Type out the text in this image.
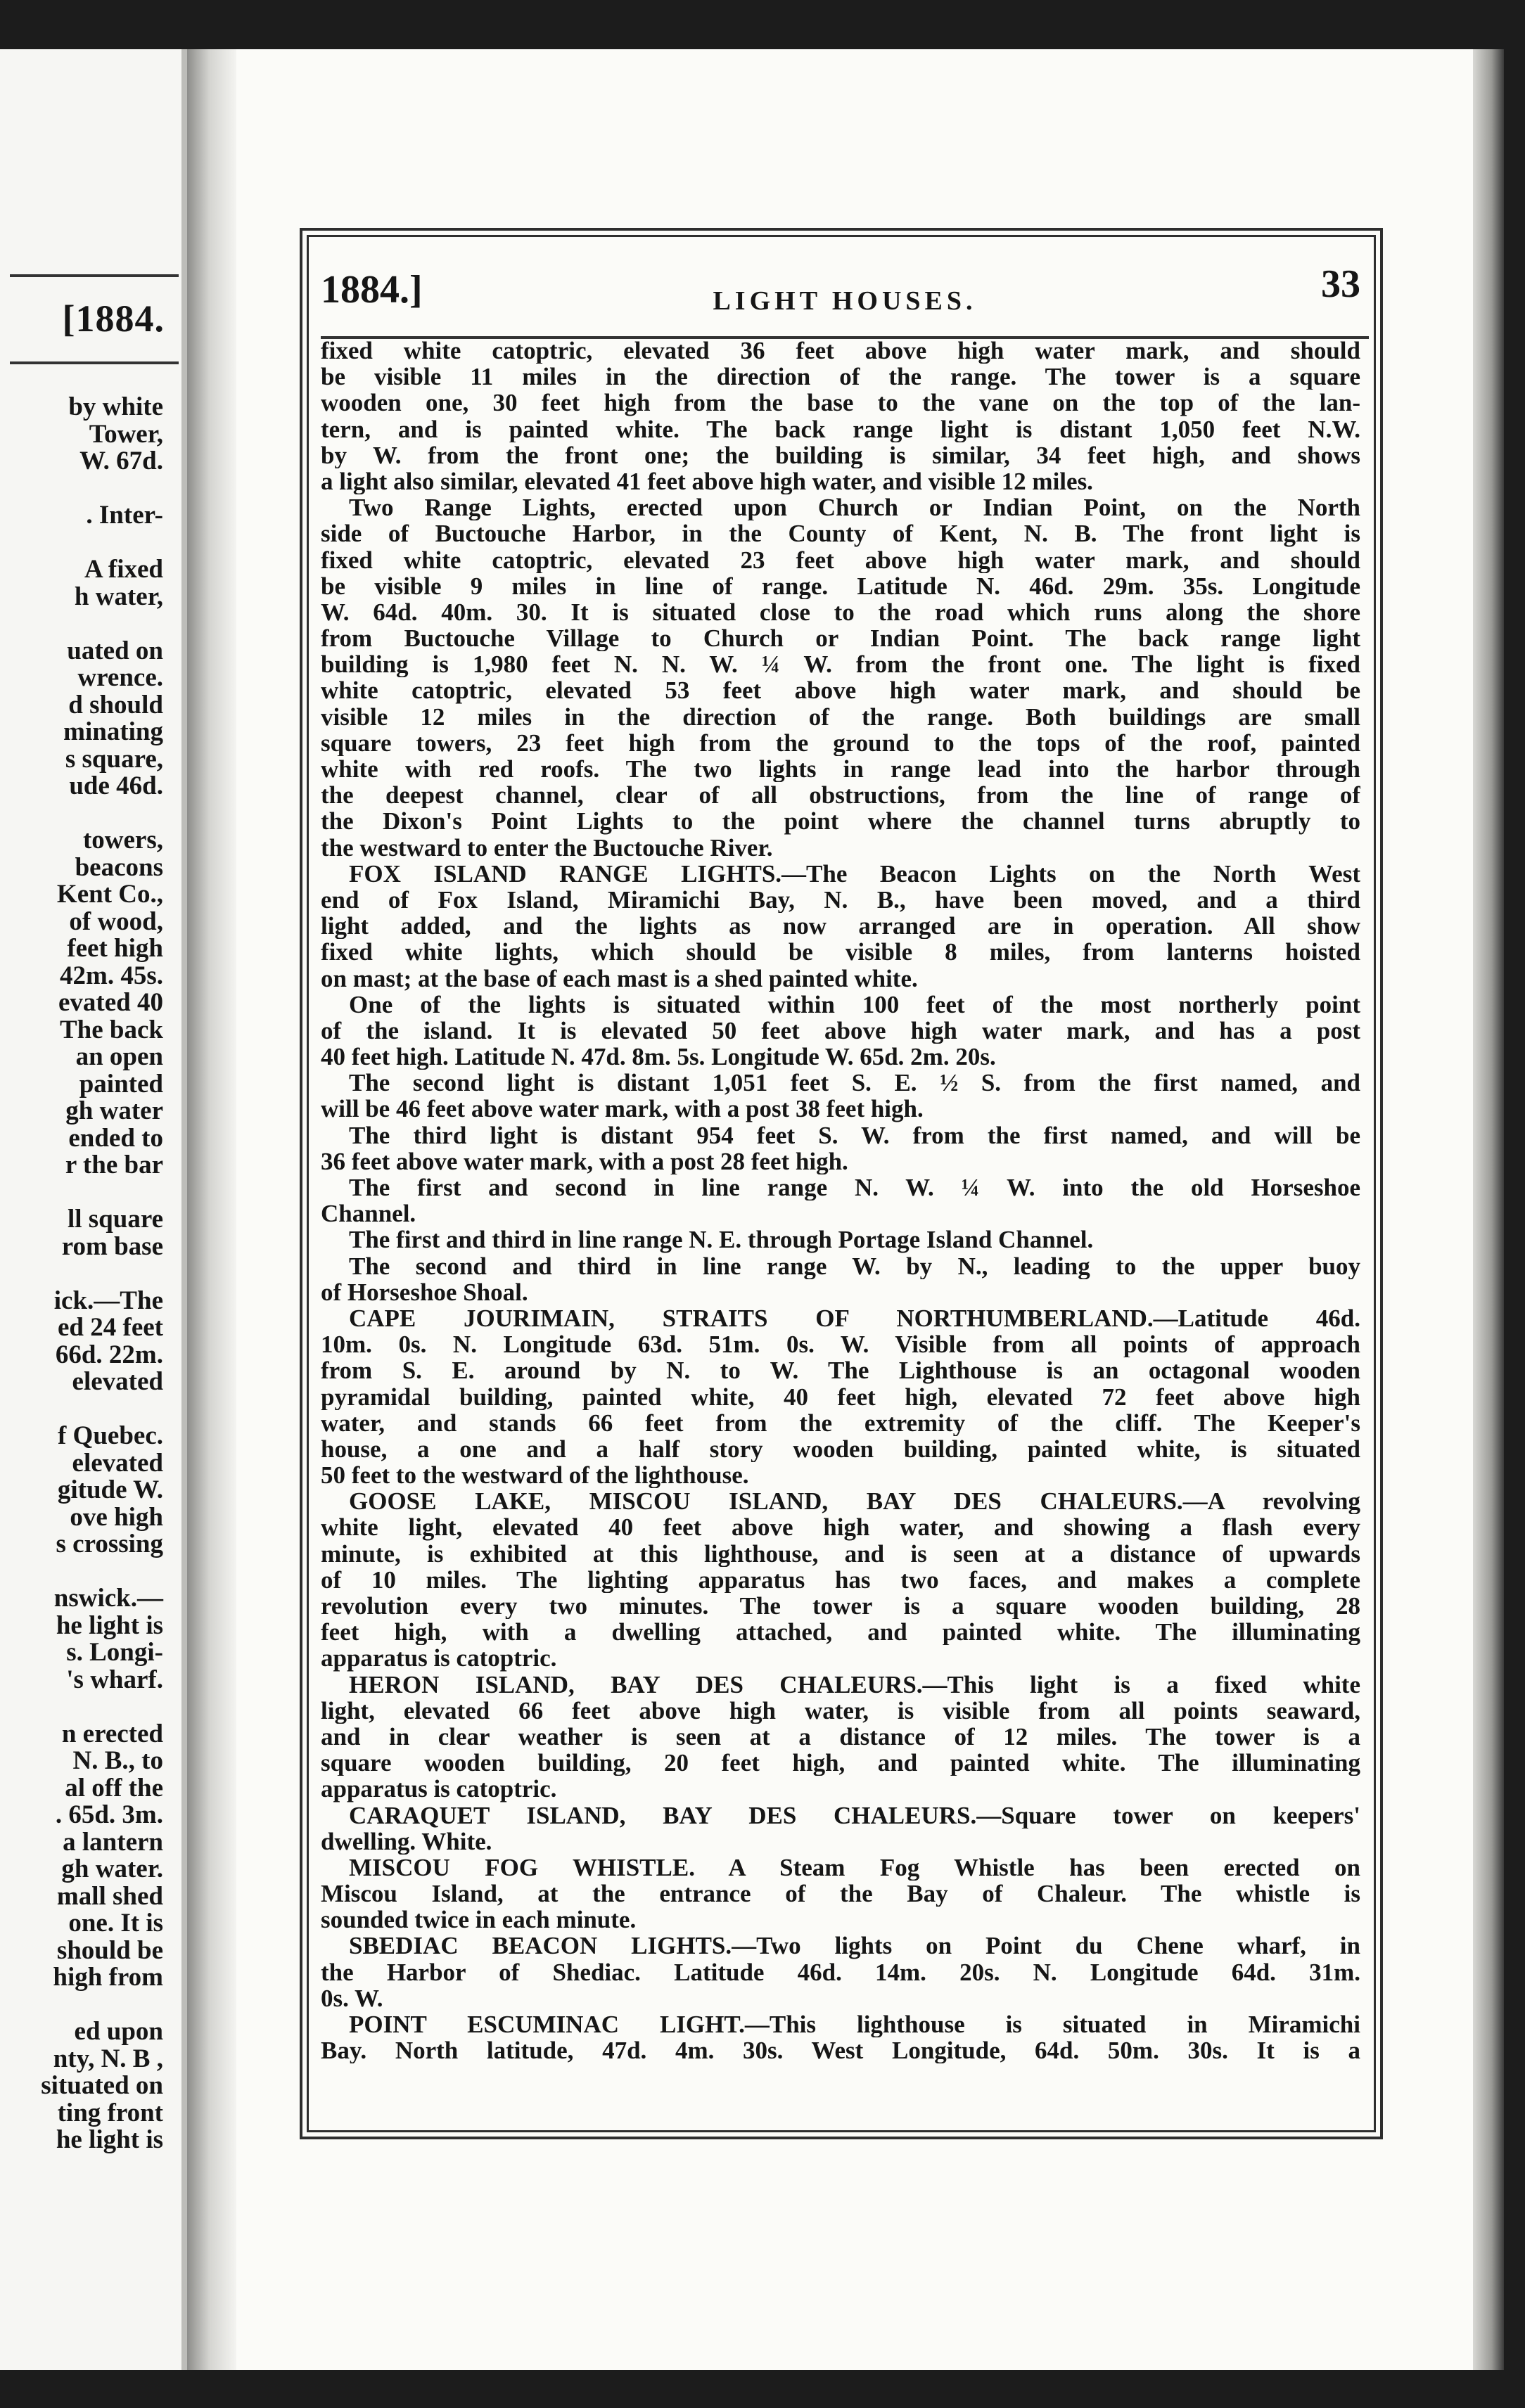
[1884.
by white
Tower,
W. 67d.
. Inter-
A fixed
h water,
uated on
wrence.
d should
minating
s square,
ude 46d.
towers,
beacons
Kent Co.,
of wood,
feet high
42m. 45s.
evated 40
The back
an open
painted
gh water
ended to
r the bar
ll square
rom base
ick.—The
ed 24 feet
66d. 22m.
elevated
f Quebec.
elevated
gitude W.
ove high
s crossing
nswick.—
he light is
s. Longi-
's wharf.
n erected
N. B., to
al off the
. 65d. 3m.
a lantern
gh water.
mall shed
one. It is
should be
high from
ed upon
nty, N. B ,
situated on
ting front
he light is
1884.]	LIGHT HOUSES.	33
fixed white catoptric, elevated 36 feet above high water mark, and should
be visible 11 miles in the direction of the range. The tower is a square
wooden one, 30 feet high from the base to the vane on the top of the lan-
tern, and is painted white. The back range light is distant 1,050 feet N.W.
by W. from the front one; the building is similar, 34 feet high, and shows
a light also similar, elevated 41 feet above high water, and visible 12 miles.
Two Range Lights, erected upon Church or Indian Point, on the North
side of Buctouche Harbor, in the County of Kent, N. B. The front light is
fixed white catoptric, elevated 23 feet above high water mark, and should
be visible 9 miles in line of range. Latitude N. 46d. 29m. 35s. Longitude
W. 64d. 40m. 30. It is situated close to the road which runs along the shore
from Buctouche Village to Church or Indian Point. The back range light
building is 1,980 feet N. N. W. ¼ W. from the front one. The light is fixed
white catoptric, elevated 53 feet above high water mark, and should be
visible 12 miles in the direction of the range. Both buildings are small
square towers, 23 feet high from the ground to the tops of the roof, painted
white with red roofs. The two lights in range lead into the harbor through
the deepest channel, clear of all obstructions, from the line of range of
the Dixon's Point Lights to the point where the channel turns abruptly to
the westward to enter the Buctouche River.
FOX ISLAND RANGE LIGHTS.—The Beacon Lights on the North West
end of Fox Island, Miramichi Bay, N. B., have been moved, and a third
light added, and the lights as now arranged are in operation. All show
fixed white lights, which should be visible 8 miles, from lanterns hoisted
on mast; at the base of each mast is a shed painted white.
One of the lights is situated within 100 feet of the most northerly point
of the island. It is elevated 50 feet above high water mark, and has a post
40 feet high. Latitude N. 47d. 8m. 5s. Longitude W. 65d. 2m. 20s.
The second light is distant 1,051 feet S. E. ½ S. from the first named, and
will be 46 feet above water mark, with a post 38 feet high.
The third light is distant 954 feet S. W. from the first named, and will be
36 feet above water mark, with a post 28 feet high.
The first and second in line range N. W. ¼ W. into the old Horseshoe
Channel.
The first and third in line range N. E. through Portage Island Channel.
The second and third in line range W. by N., leading to the upper buoy
of Horseshoe Shoal.
CAPE JOURIMAIN, STRAITS OF NORTHUMBERLAND.—Latitude 46d.
10m. 0s. N. Longitude 63d. 51m. 0s. W. Visible from all points of approach
from S. E. around by N. to W. The Lighthouse is an octagonal wooden
pyramidal building, painted white, 40 feet high, elevated 72 feet above high
water, and stands 66 feet from the extremity of the cliff. The Keeper's
house, a one and a half story wooden building, painted white, is situated
50 feet to the westward of the lighthouse.
GOOSE LAKE, MISCOU ISLAND, BAY DES CHALEURS.—A revolving
white light, elevated 40 feet above high water, and showing a flash every
minute, is exhibited at this lighthouse, and is seen at a distance of upwards
of 10 miles. The lighting apparatus has two faces, and makes a complete
revolution every two minutes. The tower is a square wooden building, 28
feet high, with a dwelling attached, and painted white. The illuminating
apparatus is catoptric.
HERON ISLAND, BAY DES CHALEURS.—This light is a fixed white
light, elevated 66 feet above high water, is visible from all points seaward,
and in clear weather is seen at a distance of 12 miles. The tower is a
square wooden building, 20 feet high, and painted white. The illuminating
apparatus is catoptric.
CARAQUET ISLAND, BAY DES CHALEURS.—Square tower on keepers'
dwelling. White.
MISCOU FOG WHISTLE. A Steam Fog Whistle has been erected on
Miscou Island, at the entrance of the Bay of Chaleur. The whistle is
sounded twice in each minute.
SBEDIAC BEACON LIGHTS.—Two lights on Point du Chene wharf, in
the Harbor of Shediac. Latitude 46d. 14m. 20s. N. Longitude 64d. 31m.
0s. W.
POINT ESCUMINAC LIGHT.—This lighthouse is situated in Miramichi
Bay. North latitude, 47d. 4m. 30s. West Longitude, 64d. 50m. 30s. It is a
